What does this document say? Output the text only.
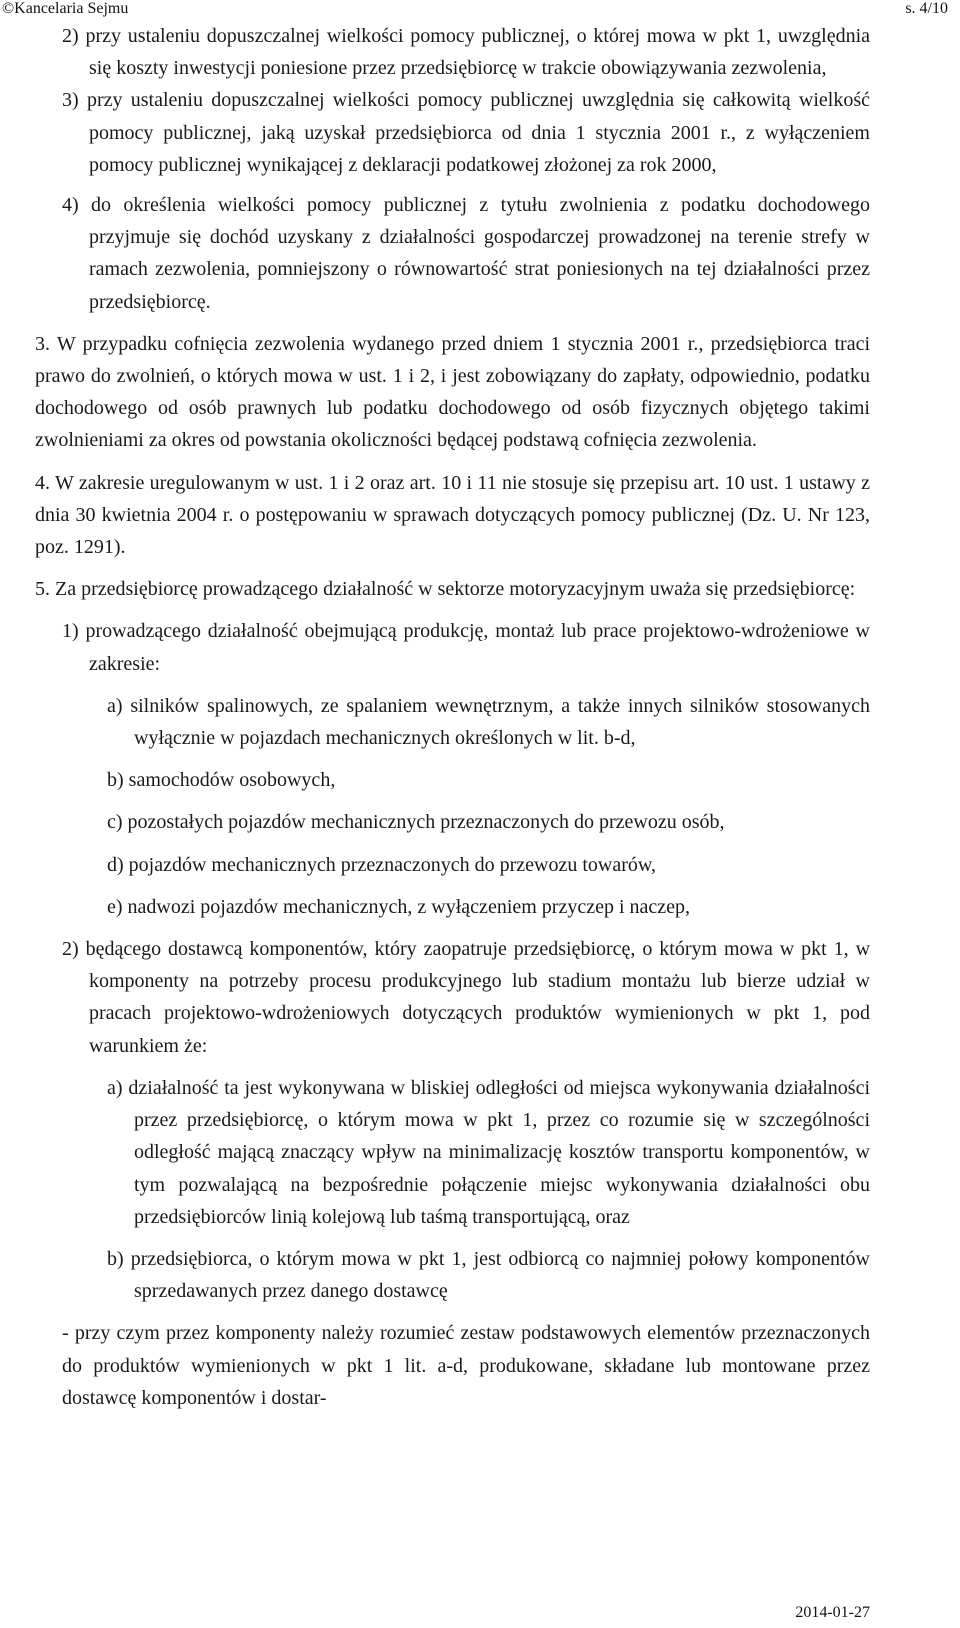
©Kancelaria Sejmu	s. 4/10
2) przy ustaleniu dopuszczalnej wielkości pomocy publicznej, o której mowa w pkt 1, uwzględnia się koszty inwestycji poniesione przez przedsiębiorcę w trakcie obowiązywania zezwolenia,
3) przy ustaleniu dopuszczalnej wielkości pomocy publicznej uwzględnia się całkowitą wielkość pomocy publicznej, jaką uzyskał przedsiębiorca od dnia 1 stycznia 2001 r., z wyłączeniem pomocy publicznej wynikającej z deklaracji podatkowej złożonej za rok 2000,
4) do określenia wielkości pomocy publicznej z tytułu zwolnienia z podatku dochodowego przyjmuje się dochód uzyskany z działalności gospodarczej prowadzonej na terenie strefy w ramach zezwolenia, pomniejszony o równowartość strat poniesionych na tej działalności przez przedsiębiorcę.
3. W przypadku cofnięcia zezwolenia wydanego przed dniem 1 stycznia 2001 r., przedsiębiorca traci prawo do zwolnień, o których mowa w ust. 1 i 2, i jest zobowiązany do zapłaty, odpowiednio, podatku dochodowego od osób prawnych lub podatku dochodowego od osób fizycznych objętego takimi zwolnieniami za okres od powstania okoliczności będącej podstawą cofnięcia zezwolenia.
4. W zakresie uregulowanym w ust. 1 i 2 oraz art. 10 i 11 nie stosuje się przepisu art. 10 ust. 1 ustawy z dnia 30 kwietnia 2004 r. o postępowaniu w sprawach dotyczących pomocy publicznej (Dz. U. Nr 123, poz. 1291).
5. Za przedsiębiorcę prowadzącego działalność w sektorze motoryzacyjnym uważa się przedsiębiorcę:
1) prowadzącego działalność obejmującą produkcję, montaż lub prace projektowo-wdrożeniowe w zakresie:
a) silników spalinowych, ze spalaniem wewnętrznym, a także innych silników stosowanych wyłącznie w pojazdach mechanicznych określonych w lit. b-d,
b) samochodów osobowych,
c) pozostałych pojazdów mechanicznych przeznaczonych do przewozu osób,
d) pojazdów mechanicznych przeznaczonych do przewozu towarów,
e) nadwozi pojazdów mechanicznych, z wyłączeniem przyczep i naczep,
2) będącego dostawcą komponentów, który zaopatruje przedsiębiorcę, o którym mowa w pkt 1, w komponenty na potrzeby procesu produkcyjnego lub stadium montażu lub bierze udział w pracach projektowo-wdrożeniowych dotyczących produktów wymienionych w pkt 1, pod warunkiem że:
a) działalność ta jest wykonywana w bliskiej odległości od miejsca wykonywania działalności przez przedsiębiorcę, o którym mowa w pkt 1, przez co rozumie się w szczególności odległość mającą znaczący wpływ na minimalizację kosztów transportu komponentów, w tym pozwalającą na bezpośrednie połączenie miejsc wykonywania działalności obu przedsiębiorców linią kolejową lub taśmą transportującą, oraz
b) przedsiębiorca, o którym mowa w pkt 1, jest odbiorcą co najmniej połowy komponentów sprzedawanych przez danego dostawcę
- przy czym przez komponenty należy rozumieć zestaw podstawowych elementów przeznaczonych do produktów wymienionych w pkt 1 lit. a-d, produkowane, składane lub montowane przez dostawcę komponentów i dostar-
2014-01-27
